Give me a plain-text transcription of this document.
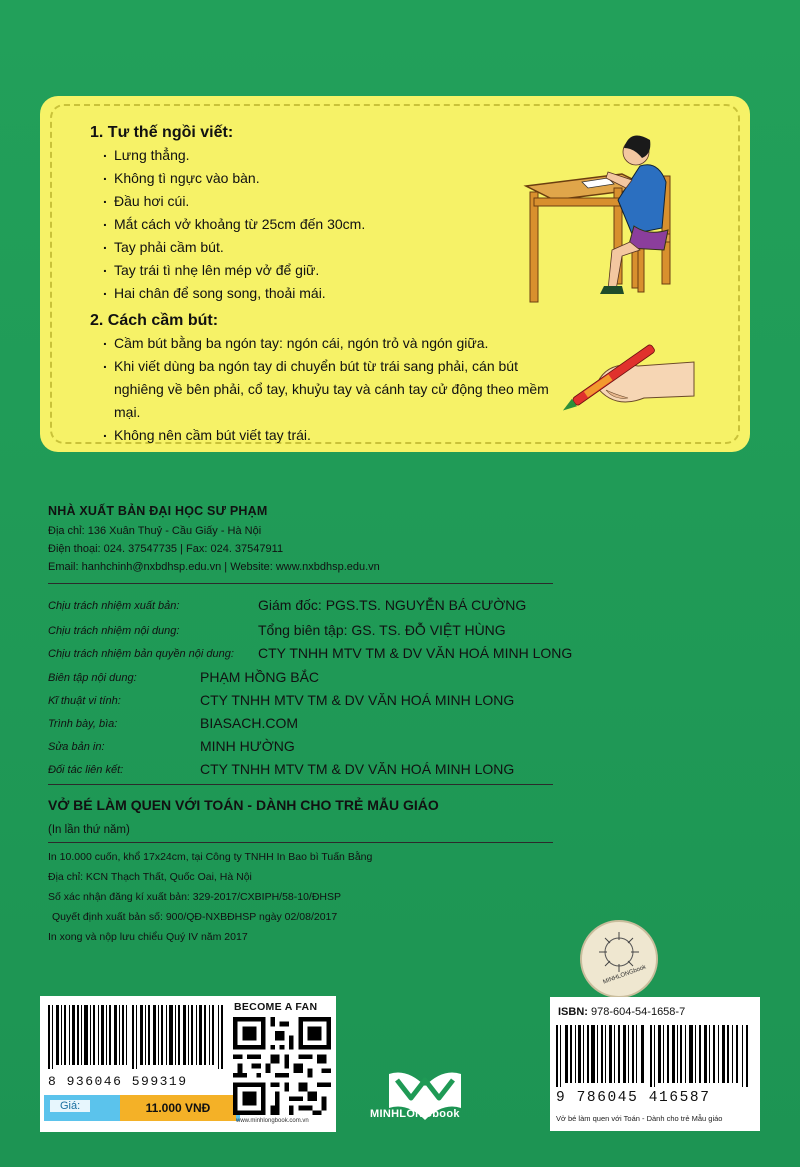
1. Tư thế ngồi viết:
. Lưng thẳng.
. Không tì ngực vào bàn.
. Đầu hơi cúi.
. Mắt cách vở khoảng từ 25cm đến 30cm.
. Tay phải cầm bút.
. Tay trái tì nhẹ lên mép vở để giữ.
. Hai chân để song song, thoải mái.
2. Cách cầm bút:
. Cầm bút bằng ba ngón tay: ngón cái, ngón trỏ và ngón giữa.
. Khi viết dùng ba ngón tay di chuyển bút từ trái sang phải, cán bút nghiêng về bên phải, cổ tay, khuỷu tay và cánh tay cử động theo mềm mại.
. Không nên cầm bút viết tay trái.
NHÀ XUẤT BẢN ĐẠI HỌC SƯ PHẠM
Địa chỉ: 136 Xuân Thuỷ - Cầu Giấy - Hà Nội
Điện thoại: 024. 37547735 | Fax: 024. 37547911
Email: hanhchinh@nxbdhsp.edu.vn | Website: www.nxbdhsp.edu.vn
Chịu trách nhiệm xuất bản:	Giám đốc: PGS.TS. NGUYỄN BÁ CƯỜNG
Chịu trách nhiệm nội dung:	Tổng biên tập: GS. TS. ĐỖ VIỆT HÙNG
Chịu trách nhiệm bản quyền nội dung: CTY TNHH MTV TM & DV VĂN HOÁ MINH LONG
Biên tập nội dung:	PHẠM HỒNG BẮC
Kĩ thuật vi tính:	CTY TNHH MTV TM & DV VĂN HOÁ MINH LONG
Trình bày, bìa:	BIASACH.COM
Sửa bản in:	MINH HƯỜNG
Đối tác liên kết:	CTY TNHH MTV TM & DV VĂN HOÁ MINH LONG
VỞ BÉ LÀM QUEN VỚI TOÁN - DÀNH CHO TRẺ MẪU GIÁO
(In lần thứ năm)
In 10.000 cuốn, khổ 17x24cm, tại Công ty TNHH In Bao bì Tuấn Bằng
Địa chỉ: KCN Thạch Thất, Quốc Oai, Hà Nội
Số xác nhận đăng kí xuất bản: 329-2017/CXBIPH/58-10/ĐHSP
Quyết định xuất bản số: 900/QĐ-NXBĐHSP ngày 02/08/2017
In xong và nộp lưu chiểu Quý IV năm 2017
MINHLONGbook
8 936046 599319
Giá:	11.000 VNĐ
BECOME A FAN
www.minhlongbook.com.vn
MINHLONGbook
ISBN: 978-604-54-1658-7
9 786045 416587
Vở bé làm quen với Toán - Dành cho trẻ Mẫu giáo
